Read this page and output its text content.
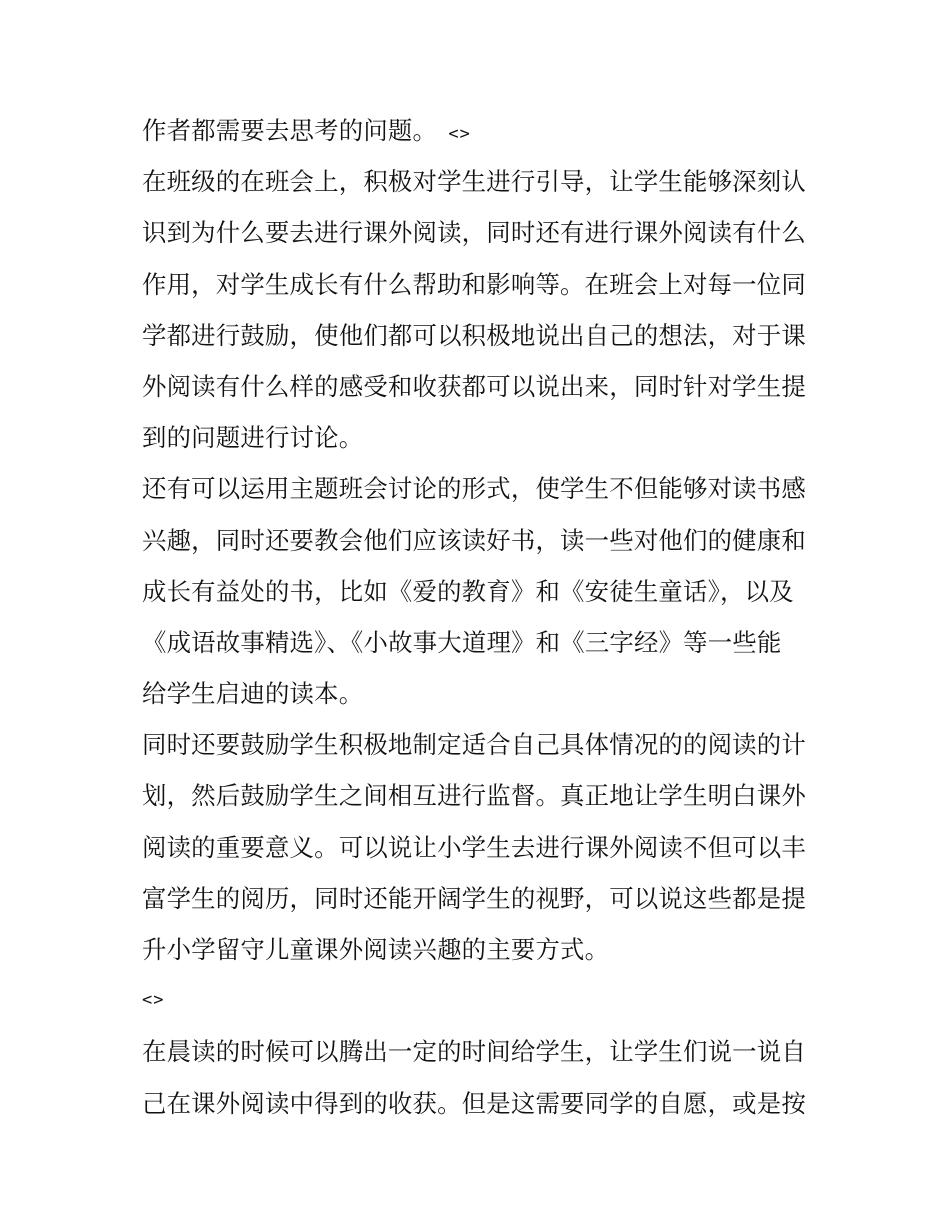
作者都需要去思考的问题。 <>

在班级的在班会上，积极对学生进行引导，让学生能够深刻认
识到为什么要去进行课外阅读，同时还有进行课外阅读有什么
作用，对学生成长有什么帮助和影响等。在班会上对每一位同
学都进行鼓励，使他们都可以积极地说出自己的想法，对于课
外阅读有什么样的感受和收获都可以说出来，同时针对学生提
到的问题进行讨论。

还有可以运用主题班会讨论的形式，使学生不但能够对读书感
兴趣，同时还要教会他们应该读好书，读一些对他们的健康和
成长有益处的书，比如《爱的教育》和《安徒生童话》，以及
《成语故事精选》、《小故事大道理》和《三字经》等一些能
给学生启迪的读本。

同时还要鼓励学生积极地制定适合自己具体情况的的阅读的计
划，然后鼓励学生之间相互进行监督。真正地让学生明白课外
阅读的重要意义。可以说让小学生去进行课外阅读不但可以丰
富学生的阅历，同时还能开阔学生的视野，可以说这些都是提
升小学留守儿童课外阅读兴趣的主要方式。

<>

在晨读的时候可以腾出一定的时间给学生，让学生们说一说自
己在课外阅读中得到的收获。但是这需要同学的自愿，或是按
